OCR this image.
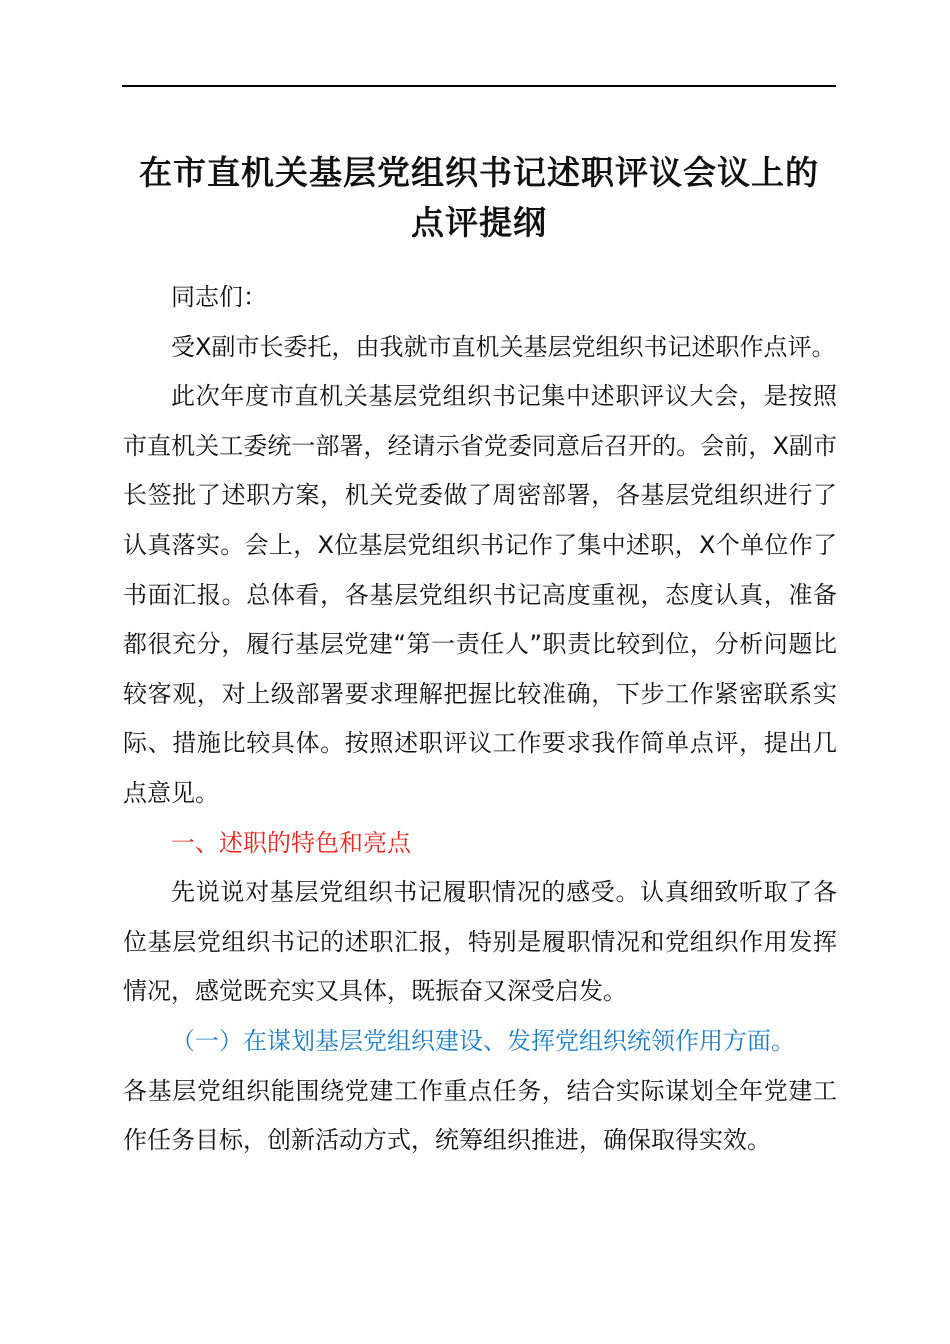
在市直机关基层党组织书记述职评议会议上的
点评提纲

同志们：

受X副市长委托，由我就市直机关基层党组织书记述职作点评。

此次年度市直机关基层党组织书记集中述职评议大会，是按照市直机关工委统一部署，经请示省党委同意后召开的。会前，X副市长签批了述职方案，机关党委做了周密部署，各基层党组织进行了认真落实。会上，X位基层党组织书记作了集中述职，X个单位作了书面汇报。总体看，各基层党组织书记高度重视，态度认真，准备都很充分，履行基层党建“第一责任人”职责比较到位，分析问题比较客观，对上级部署要求理解把握比较准确，下步工作紧密联系实际、措施比较具体。按照述职评议工作要求我作简单点评，提出几点意见。

一、述职的特色和亮点

先说说对基层党组织书记履职情况的感受。认真细致听取了各位基层党组织书记的述职汇报，特别是履职情况和党组织作用发挥情况，感觉既充实又具体，既振奋又深受启发。

（一）在谋划基层党组织建设、发挥党组织统领作用方面。

各基层党组织能围绕党建工作重点任务，结合实际谋划全年党建工作任务目标，创新活动方式，统筹组织推进，确保取得实效。
